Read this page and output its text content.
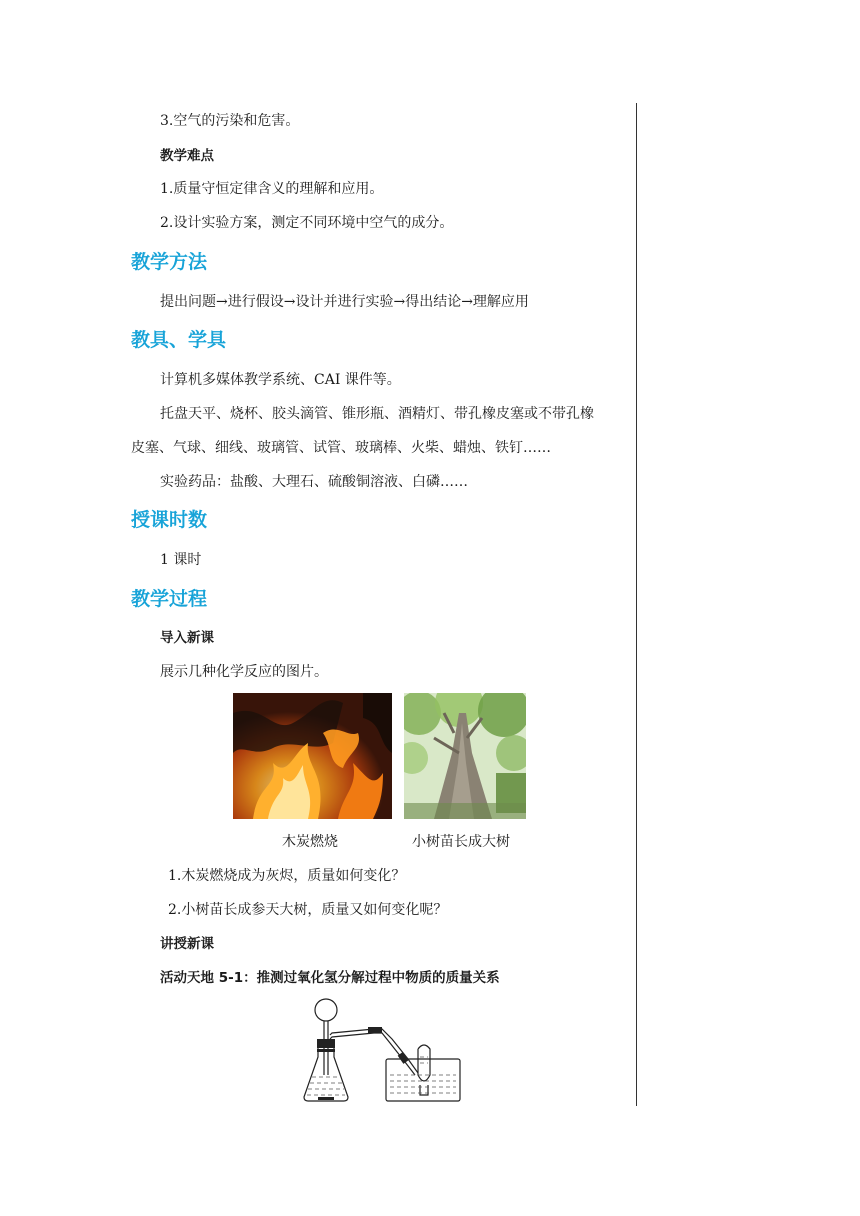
3.空气的污染和危害。
教学难点
1.质量守恒定律含义的理解和应用。
2.设计实验方案，测定不同环境中空气的成分。
教学方法
提出问题→进行假设→设计并进行实验→得出结论→理解应用
教具、学具
计算机多媒体教学系统、CAI 课件等。
托盘天平、烧杯、胶头滴管、锥形瓶、酒精灯、带孔橡皮塞或不带孔橡
皮塞、气球、细线、玻璃管、试管、玻璃棒、火柴、蜡烛、铁钉……
实验药品：盐酸、大理石、硫酸铜溶液、白磷……
授课时数
1 课时
教学过程
导入新课
展示几种化学反应的图片。
木炭燃烧	小树苗长成大树
1.木炭燃烧成为灰烬，质量如何变化？
2.小树苗长成参天大树，质量又如何变化呢？
讲授新课
活动天地 5-1：推测过氧化氢分解过程中物质的质量关系
